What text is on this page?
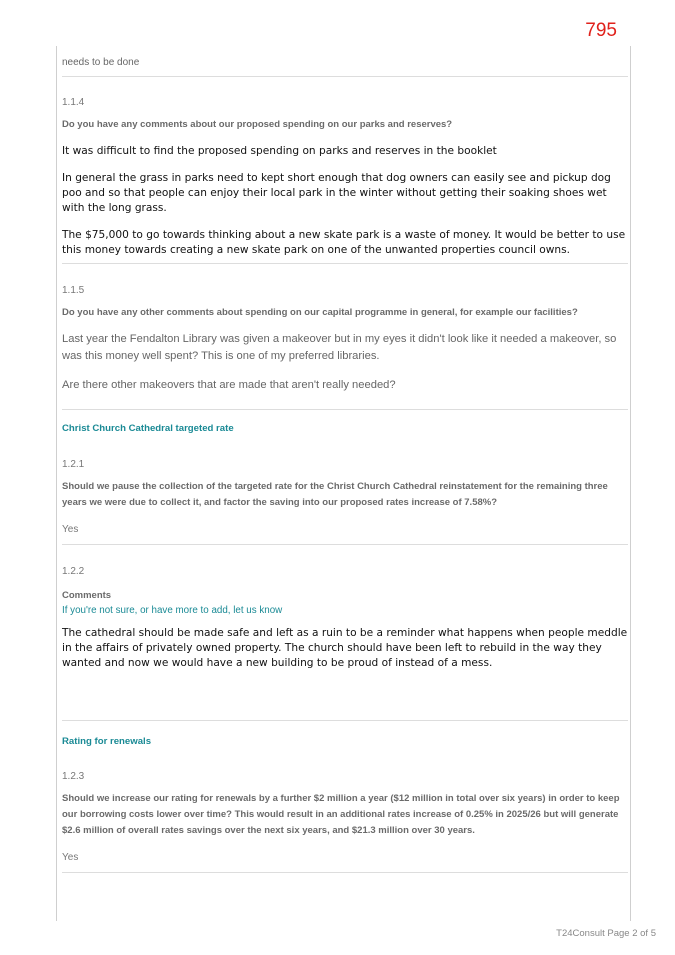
795
needs to be done
1.1.4
Do you have any comments about our proposed spending on our parks and reserves?

It was difficult to find the proposed spending on parks and reserves in the booklet

In general the grass in parks need to kept short enough that dog owners can easily see and pickup dog poo and so that people can enjoy their local park in the winter without getting their soaking shoes wet with the long grass.

The $75,000 to go towards thinking about a new skate park is a waste of money. It would be better to use this money towards creating a new skate park on one of the unwanted properties council owns.

1.1.5
Do you have any other comments about spending on our capital programme in general, for example our facilities?

Last year the Fendalton Library was given a makeover but in my eyes it didn't look like it needed a makeover, so was this money well spent? This is one of my preferred libraries.

Are there other makeovers that are made that aren't really needed?

Christ Church Cathedral targeted rate
1.2.1
Should we pause the collection of the targeted rate for the Christ Church Cathedral reinstatement for the remaining three years we were due to collect it, and factor the saving into our proposed rates increase of 7.58%?
Yes
1.2.2
Comments
If you're not sure, or have more to add, let us know

The cathedral should be made safe and left as a ruin to be a reminder what happens when people meddle in the affairs of privately owned property. The church should have been left to rebuild in the way they wanted and now we would have a new building to be proud of instead of a mess.

Rating for renewals
1.2.3
Should we increase our rating for renewals by a further $2 million a year ($12 million in total over six years) in order to keep our borrowing costs lower over time? This would result in an additional rates increase of 0.25% in 2025/26 but will generate $2.6 million of overall rates savings over the next six years, and $21.3 million over 30 years.
Yes
T24Consult Page 2 of 5
